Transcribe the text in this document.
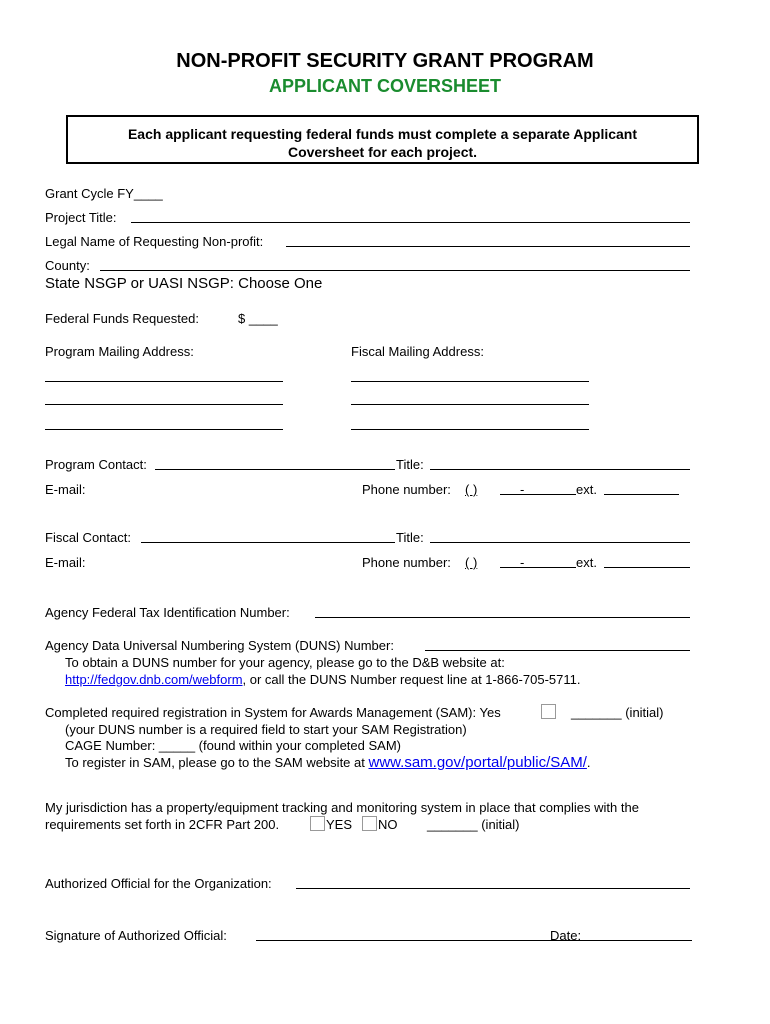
NON-PROFIT SECURITY GRANT PROGRAM
APPLICANT COVERSHEET
Each applicant requesting federal funds must complete a separate Applicant
Coversheet for each project.
Grant Cycle FY____
Project Title:
Legal Name of Requesting Non-profit:
County:
State NSGP or UASI NSGP: Choose One
Federal Funds Requested:	$ ____
Program Mailing Address:	Fiscal Mailing Address:
Program Contact:	Title:
E-mail:	Phone number: ( )	-	ext.
Fiscal Contact:	Title:
E-mail:	Phone number: ( )	-	ext.
Agency Federal Tax Identification Number:
Agency Data Universal Numbering System (DUNS) Number:
To obtain a DUNS number for your agency, please go to the D&B website at:
http://fedgov.dnb.com/webform, or call the DUNS Number request line at 1-866-705-5711.
Completed required registration in System for Awards Management (SAM): Yes	_______ (initial)
(your DUNS number is a required field to start your SAM Registration)
CAGE Number: _____ (found within your completed SAM)
To register in SAM, please go to the SAM website at www.sam.gov/portal/public/SAM/.
My jurisdiction has a property/equipment tracking and monitoring system in place that complies with the
requirements set forth in 2CFR Part 200.	YES NO _______ (initial)
Authorized Official for the Organization:
Signature of Authorized Official:	Date:
